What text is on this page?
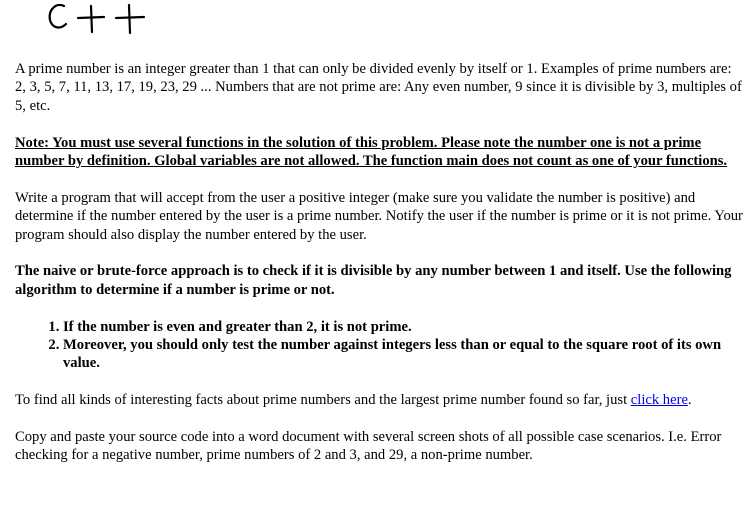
A prime number is an integer greater than 1 that can only be divided evenly by itself or 1. Examples of prime numbers are: 2, 3, 5, 7, 11, 13, 17, 19, 23, 29 ... Numbers that are not prime are: Any even number, 9 since it is divisible by 3, multiples of 5, etc.

Note: You must use several functions in the solution of this problem. Please note the number one is not a prime number by definition. Global variables are not allowed. The function main does not count as one of your functions.

Write a program that will accept from the user a positive integer (make sure you validate the number is positive) and determine if the number entered by the user is a prime number. Notify the user if the number is prime or it is not prime. Your program should also display the number entered by the user.

The naive or brute-force approach is to check if it is divisible by any number between 1 and itself. Use the following algorithm to determine if a number is prime or not.

1. If the number is even and greater than 2, it is not prime.
2. Moreover, you should only test the number against integers less than or equal to the square root of its own value.

To find all kinds of interesting facts about prime numbers and the largest prime number found so far, just click here.

Copy and paste your source code into a word document with several screen shots of all possible case scenarios. I.e. Error checking for a negative number, prime numbers of 2 and 3, and 29, a non-prime number.
